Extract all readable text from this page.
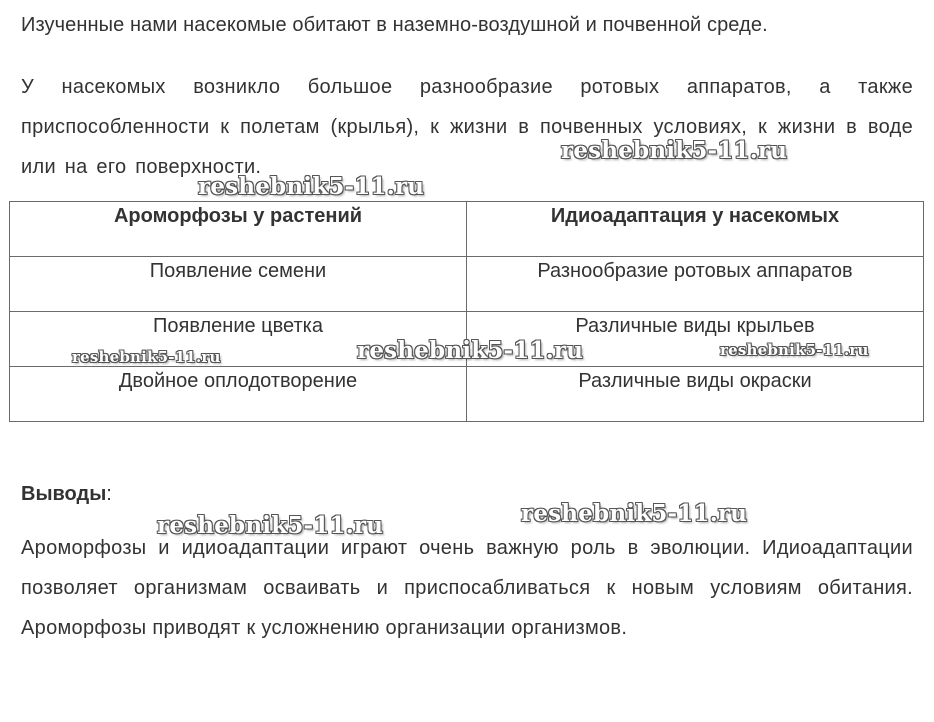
Изученные нами насекомые обитают в наземно-воздушной и почвенной среде.

У насекомых возникло большое разнообразие ротовых аппаратов, а также приспособленности к полетам (крылья), к жизни в почвенных условиях, к жизни в воде или на его поверхности.

Ароморфозы у растений	Идиоадаптация у насекомых

Появление семени	Разнообразие ротовых аппаратов

Появление цветка	Различные виды крыльев

Двойное оплодотворение	Различные виды окраски

Выводы:

Ароморфозы и идиоадаптации играют очень важную роль в эволюции. Идиоадаптации позволяет организмам осваивать и приспосабливаться к новым условиям обитания. Ароморфозы приводят к усложнению организации организмов.

reshebnik5-11.ru
reshebnik5-11.ru
reshebnik5-11.ru	reshebnik5-11.ru	reshebnik5-11.ru
reshebnik5-11.ru
reshebnik5-11.ru
